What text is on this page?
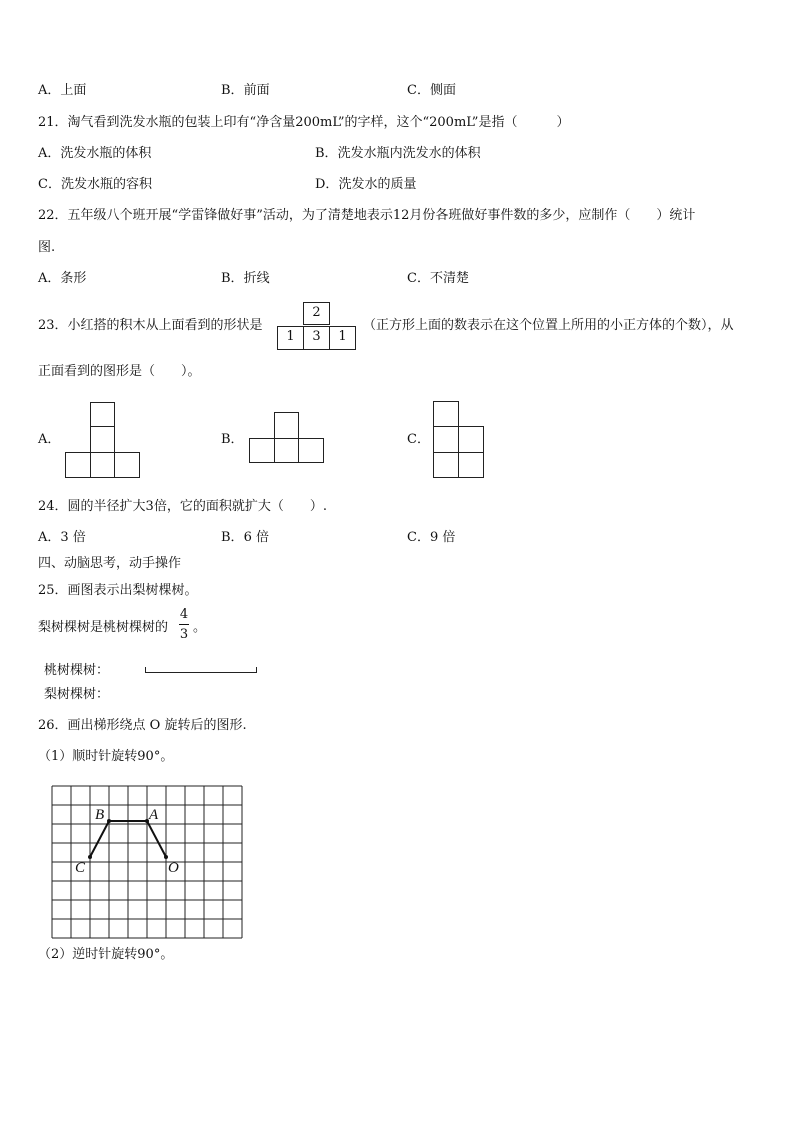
A．上面	B．前面	C．侧面
21．淘气看到洗发水瓶的包装上印有“净含量200mL”的字样，这个“200mL”是指（　　　）
A．洗发水瓶的体积	B．洗发水瓶内洗发水的体积
C．洗发水瓶的容积	D．洗发水的质量
22．五年级八个班开展“学雷锋做好事”活动，为了清楚地表示12月份各班做好事件数的多少，应制作（　　）统计
图.
A．条形	B．折线	C．不清楚
23．小红搭的积木从上面看到的形状是
2
1	3	1
（正方形上面的数表示在这个位置上所用的小正方体的个数），从
正面看到的图形是（　　）。
A．	B．	C．
24．圆的半径扩大3倍，它的面积就扩大（　　）.
A．3 倍	B．6 倍	C．9 倍
四、动脑思考，动手操作
25．画图表示出梨树棵树。
梨树棵树是桃树棵树的
4
3 。
桃树棵树：
梨树棵树：
26．画出梯形绕点 O 旋转后的图形.
（1）顺时针旋转90°。
B	A
C	O
（2）逆时针旋转90°。
